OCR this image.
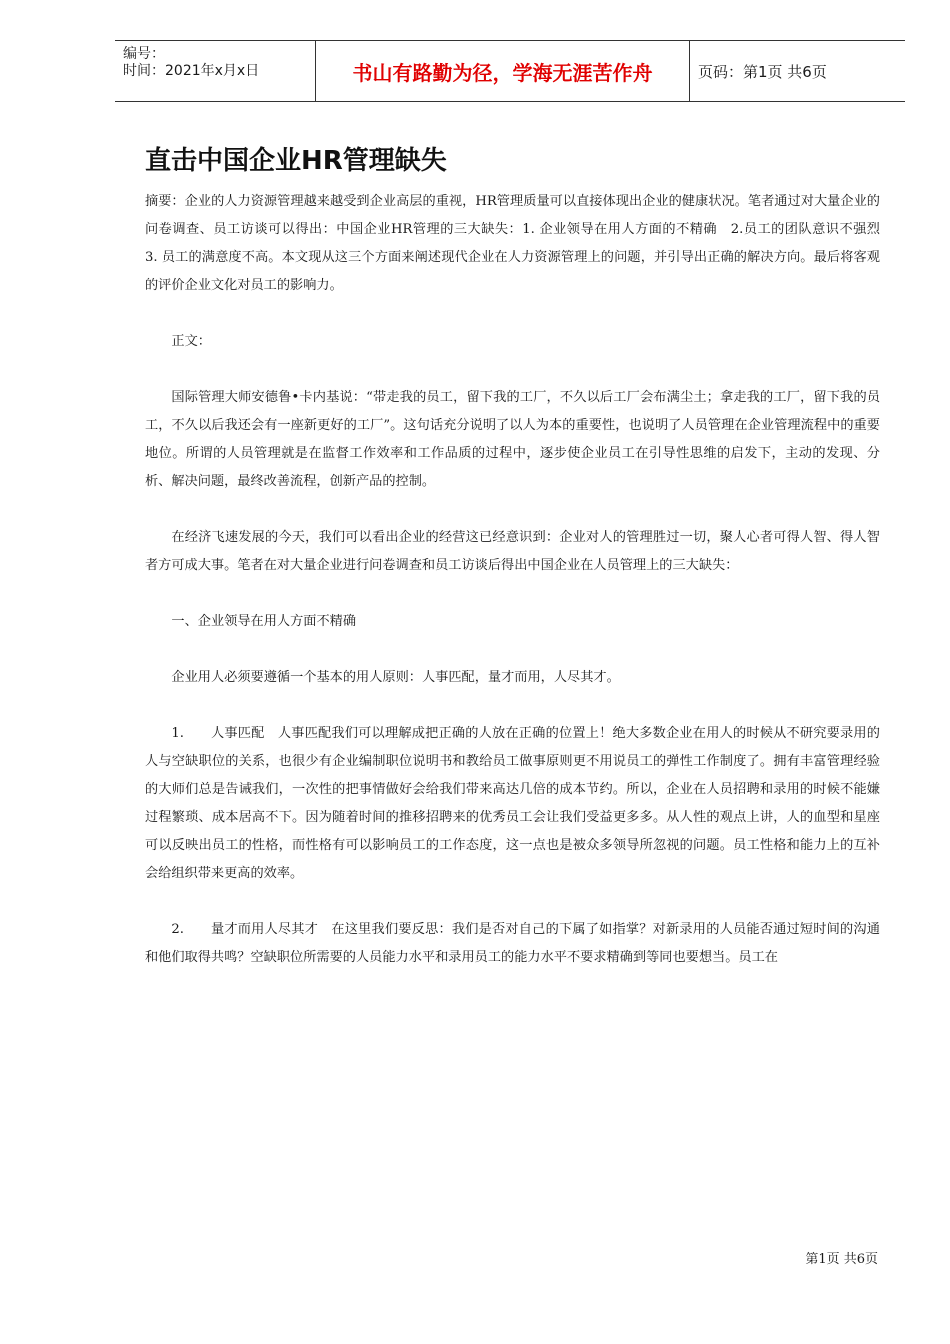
编号：
时间：2021年x月x日	书山有路勤为径，学海无涯苦作舟	页码：第1页 共6页
直击中国企业HR管理缺失

摘要：企业的人力资源管理越来越受到企业高层的重视，HR管理质量可以直接体现出企业的健康状况。笔者通过对大量企业的问卷调查、员工访谈可以得出：中国企业HR管理的三大缺失：1. 企业领导在用人方面的不精确　2.员工的团队意识不强烈　3. 员工的满意度不高。本文现从这三个方面来阐述现代企业在人力资源管理上的问题，并引导出正确的解决方向。最后将客观的评价企业文化对员工的影响力。

正文：

国际管理大师安德鲁•卡内基说：“带走我的员工，留下我的工厂，不久以后工厂会布满尘土；拿走我的工厂，留下我的员工，不久以后我还会有一座新更好的工厂”。这句话充分说明了以人为本的重要性，也说明了人员管理在企业管理流程中的重要地位。所谓的人员管理就是在监督工作效率和工作品质的过程中，逐步使企业员工在引导性思维的启发下，主动的发现、分析、解决问题，最终改善流程，创新产品的控制。

在经济飞速发展的今天，我们可以看出企业的经营这已经意识到：企业对人的管理胜过一切，聚人心者可得人智、得人智者方可成大事。笔者在对大量企业进行问卷调查和员工访谈后得出中国企业在人员管理上的三大缺失：

一、企业领导在用人方面不精确

企业用人必须要遵循一个基本的用人原则：人事匹配，量才而用，人尽其才。

1.　　人事匹配　人事匹配我们可以理解成把正确的人放在正确的位置上！绝大多数企业在用人的时候从不研究要录用的人与空缺职位的关系，也很少有企业编制职位说明书和教给员工做事原则更不用说员工的弹性工作制度了。拥有丰富管理经验的大师们总是告诫我们，一次性的把事情做好会给我们带来高达几倍的成本节约。所以，企业在人员招聘和录用的时候不能嫌过程繁琐、成本居高不下。因为随着时间的推移招聘来的优秀员工会让我们受益更多多。从人性的观点上讲，人的血型和星座可以反映出员工的性格，而性格有可以影响员工的工作态度，这一点也是被众多领导所忽视的问题。员工性格和能力上的互补会给组织带来更高的效率。

2.　　量才而用人尽其才　在这里我们要反思：我们是否对自己的下属了如指掌？对新录用的人员能否通过短时间的沟通和他们取得共鸣？空缺职位所需要的人员能力水平和录用员工的能力水平不要求精确到等同也要想当。员工在

第1页 共6页
